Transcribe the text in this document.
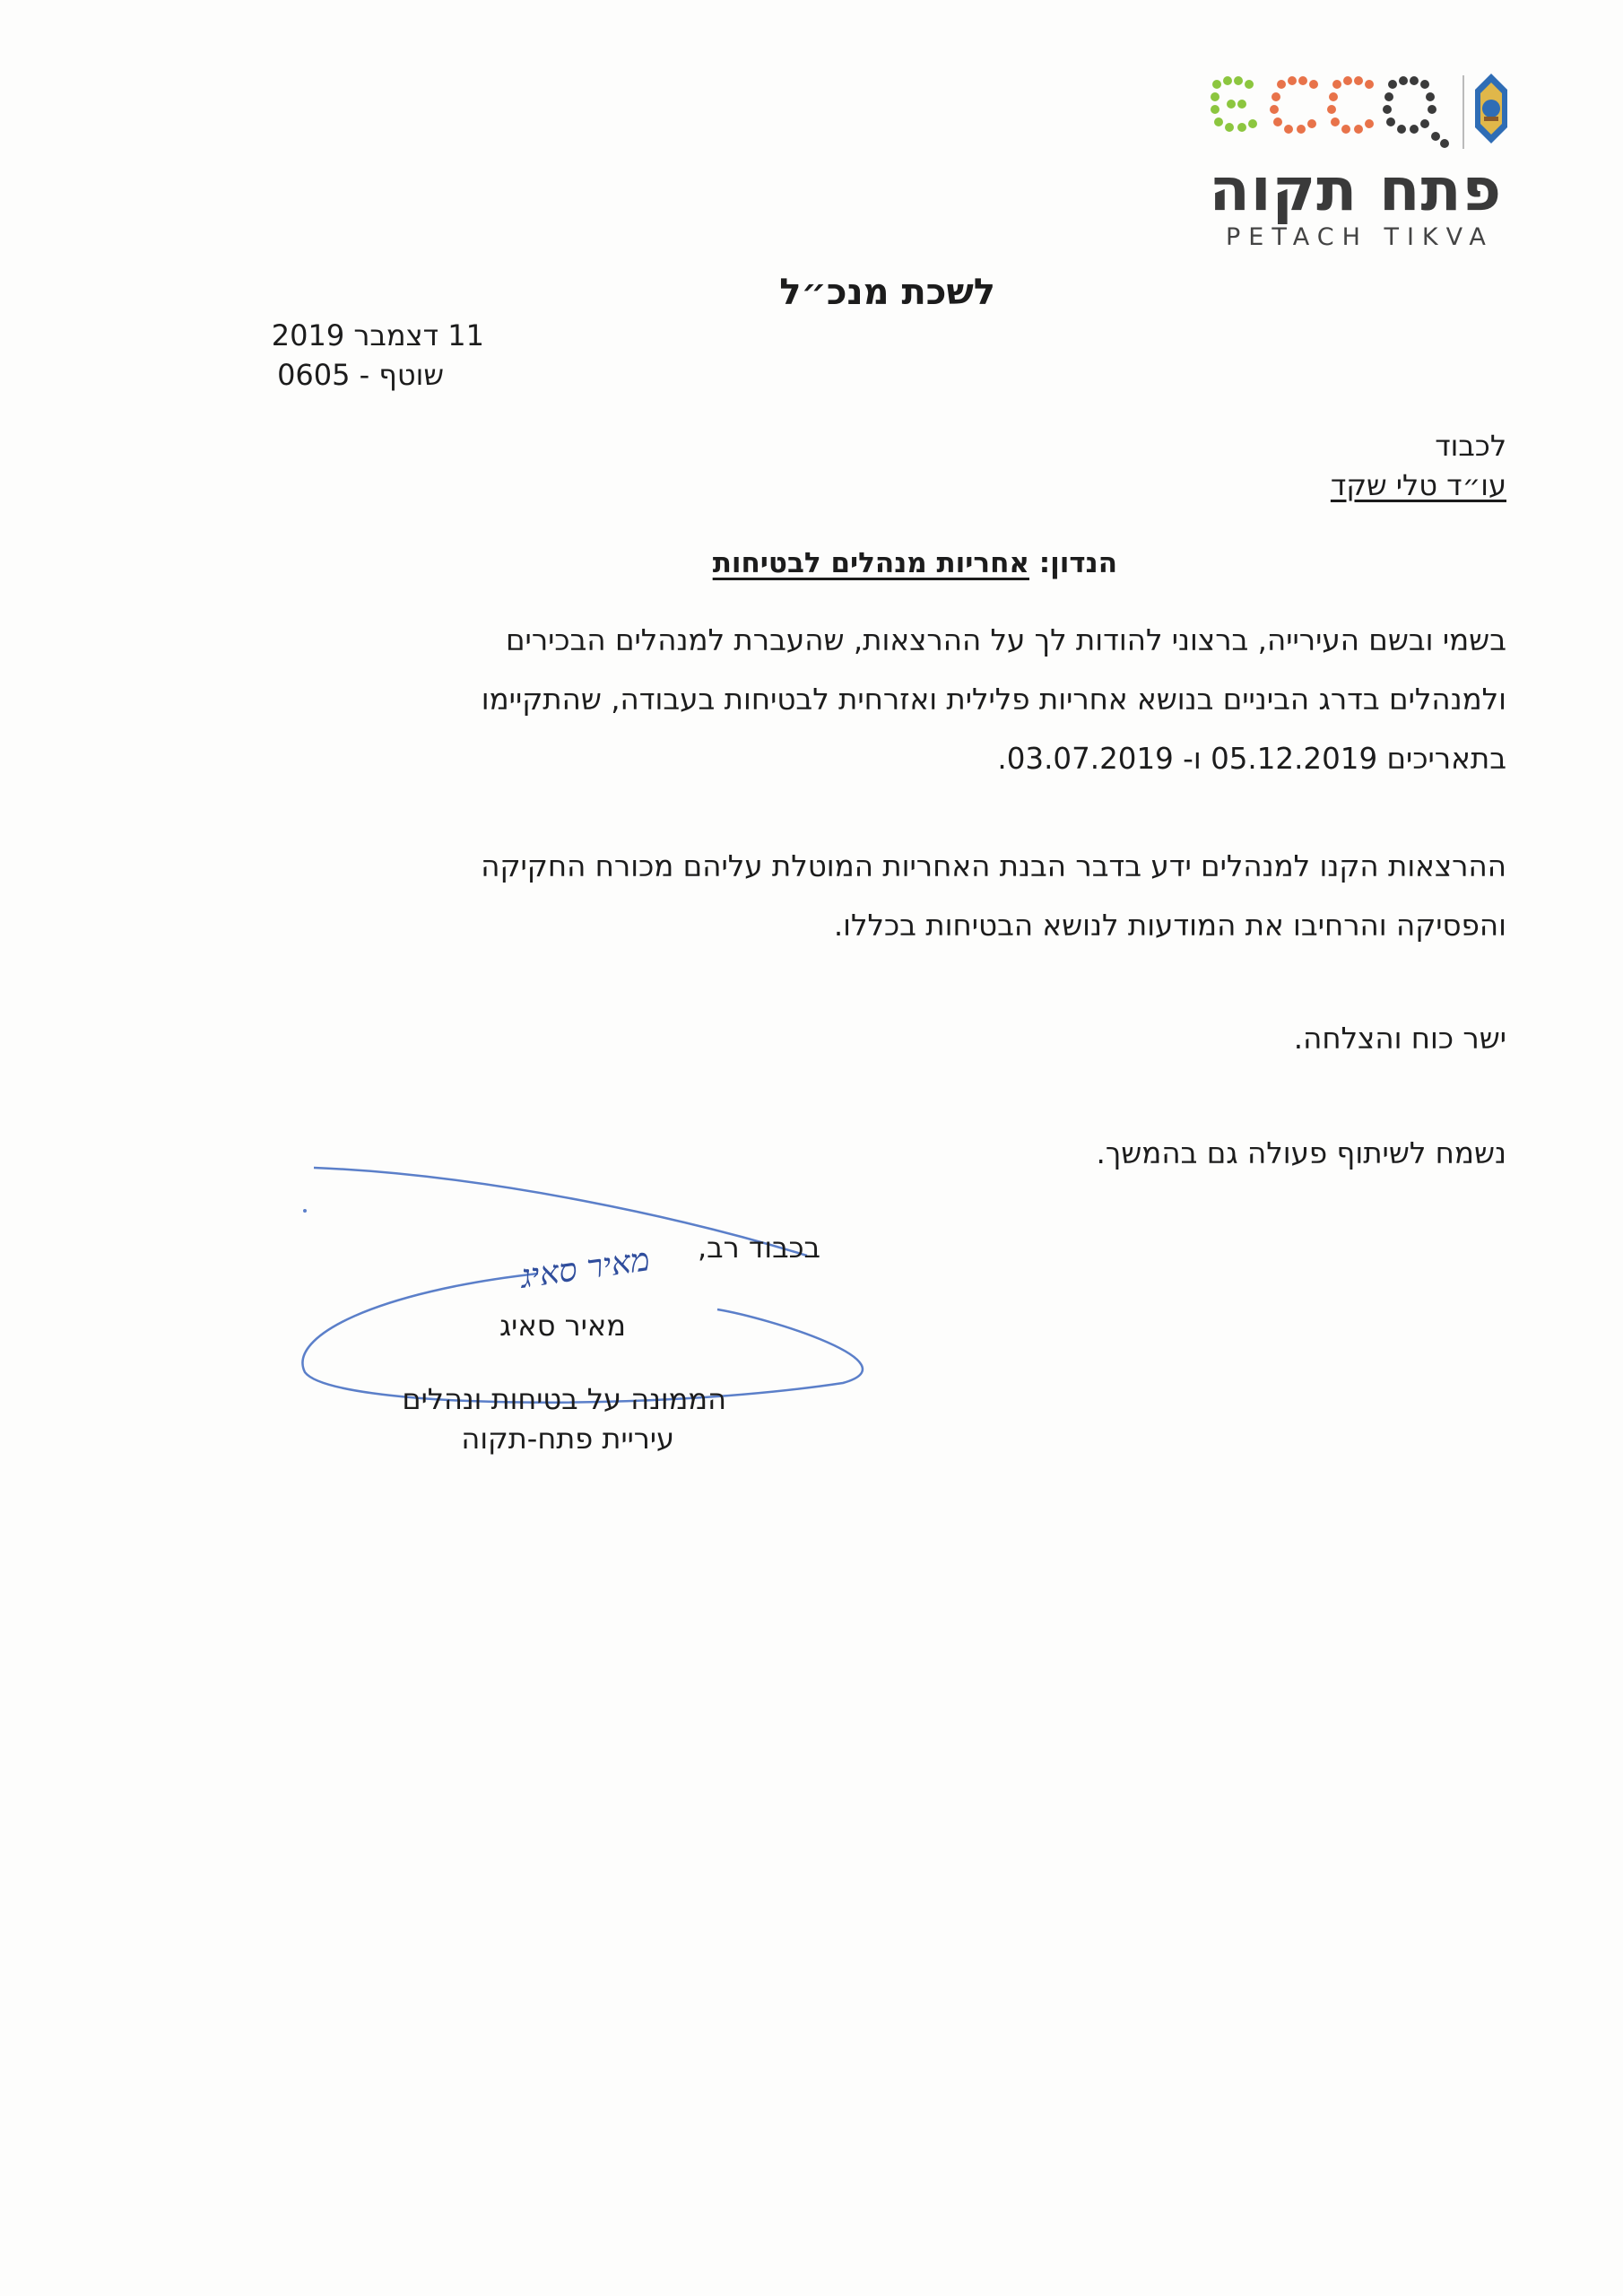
פתח תקוה
PETACH TIKVA
לשכת מנכ״ל
11 דצמבר 2019
שוטף - 0605
לכבוד
עו״ד טלי שקד
הנדון: אחריות מנהלים לבטיחות
בשמי ובשם העירייה, ברצוני להודות לך על ההרצאות, שהעברת למנהלים הבכירים
ולמנהלים בדרג הביניים בנושא אחריות פלילית ואזרחית לבטיחות בעבודה, שהתקיימו
בתאריכים 05.12.2019 ו- 03.07.2019.
ההרצאות הקנו למנהלים ידע בדבר הבנת האחריות המוטלת עליהם מכורח החקיקה
והפסיקה והרחיבו את המודעות לנושא הבטיחות בכללו.
ישר כוח והצלחה.
נשמח לשיתוף פעולה גם בהמשך.
בכבוד רב,
מאיר סאיג
מאיר סאיג
הממונה על בטיחות ונהלים
עיריית פתח-תקוה
